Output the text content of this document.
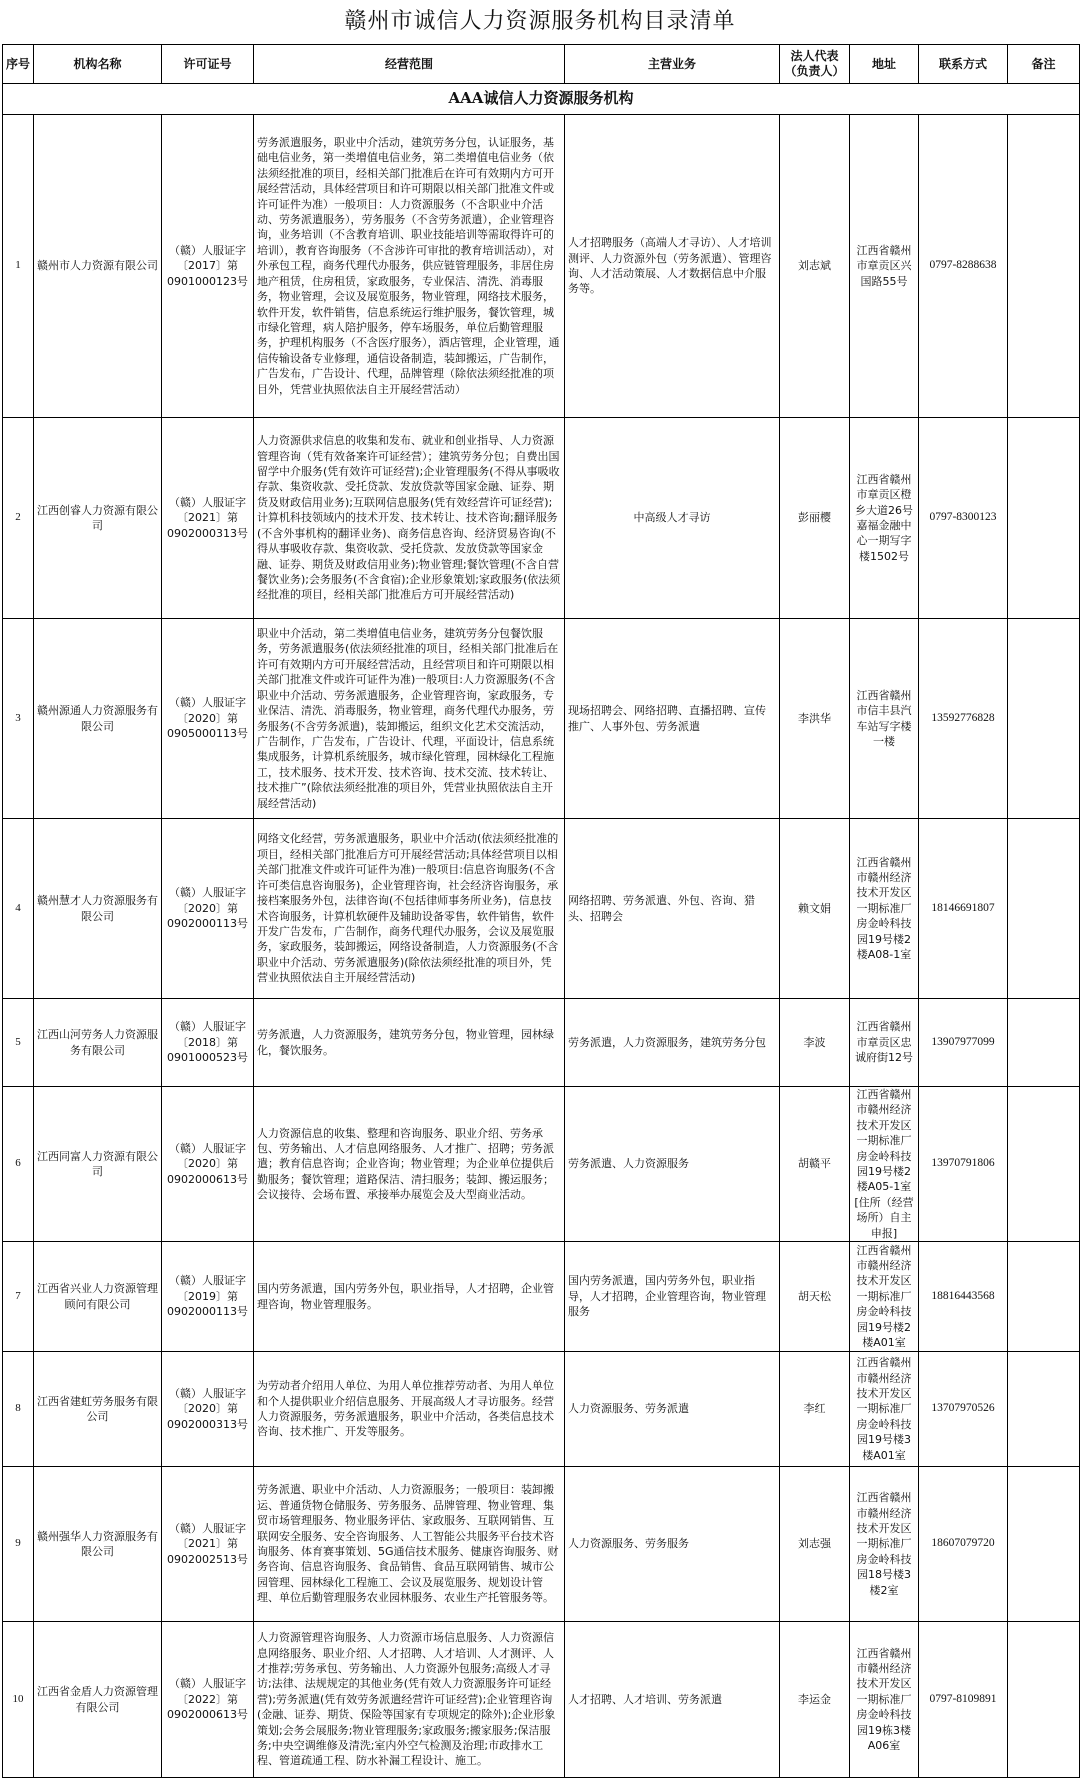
赣州市诚信人力资源服务机构目录清单
序号	机构名称	许可证号	经营范围	主营业务	法人代表（负责人）	地址	联系方式	备注
AAA诚信人力资源服务机构								
1	赣州市人力资源有限公司	（赣）人服证字〔2017〕第0901000123号	劳务派遣服务，职业中介活动，建筑劳务分包，认证服务，基础电信业务，第一类增值电信业务，第二类增值电信业务（依法须经批准的项目，经相关部门批准后在许可有效期内方可开展经营活动，具体经营项目和许可期限以相关部门批准文件或许可证件为准）一般项目：人力资源服务（不含职业中介活动、劳务派遣服务），劳务服务（不含劳务派遣），企业管理咨询，业务培训（不含教育培训、职业技能培训等需取得许可的培训），教育咨询服务（不含涉许可审批的教育培训活动），对外承包工程，商务代理代办服务，供应链管理服务，非居住房地产租赁，住房租赁，家政服务，专业保洁、清洗、消毒服务，物业管理，会议及展览服务，物业管理，网络技术服务，软件开发，软件销售，信息系统运行维护服务，餐饮管理，城市绿化管理，病人陪护服务，停车场服务，单位后勤管理服务，护理机构服务（不含医疗服务），酒店管理，企业管理，通信传输设备专业修理，通信设备制造，装卸搬运，广告制作，广告发布，广告设计、代理，品牌管理（除依法须经批准的项目外，凭营业执照依法自主开展经营活动）	人才招聘服务（高端人才寻访）、人才培训测评、人力资源外包（劳务派遣）、管理咨询、人才活动策展、人才数据信息中介服务等。	刘志斌	江西省赣州市章贡区兴国路55号	0797-8288638	
2	江西创睿人力资源有限公司	（赣）人服证字〔2021〕第0902000313号	人力资源供求信息的收集和发布、就业和创业指导、人力资源管理咨询（凭有效备案许可证经营）；建筑劳务分包；自费出国留学中介服务(凭有效许可证经营);企业管理服务(不得从事吸收存款、集资收款、受托贷款、发放贷款等国家金融、证券、期货及财政信用业务);互联网信息服务(凭有效经营许可证经营);计算机科技领域内的技术开发、技术转让、技术咨询;翻译服务(不含外事机构的翻译业务)、商务信息咨询、经济贸易咨询(不得从事吸收存款、集资收款、受托贷款、发放贷款等国家金融、证券、期货及财政信用业务);物业管理;餐饮管理(不含自营餐饮业务);会务服务(不含食宿);企业形象策划;家政服务(依法须经批准的项目，经相关部门批准后方可开展经营活动)	中高级人才寻访	彭丽樱	江西省赣州市章贡区橙乡大道26号嘉福金融中心一期写字楼1502号	0797-8300123	
3	赣州源通人力资源服务有限公司	（赣）人服证字〔2020〕第0905000113号	职业中介活动，第二类增值电信业务，建筑劳务分包餐饮服务，劳务派遣服务(依法须经批准的项目，经相关部门批准后在许可有效期内方可开展经营活动，且经营项目和许可期限以相关部门批准文件或许可证件为准)一般项目:人力资源服务(不含职业中介活动、劳务派遣服务，企业管理咨询，家政服务，专业保洁、清洗、消毒服务，物业管理，商务代理代办服务，劳务服务(不含劳务派遣)，装卸搬运，组织文化艺术交流活动，广告制作，广告发布，广告设计、代理，平面设计，信息系统集成服务，计算机系统服务，城市绿化管理，园林绿化工程施工，技术服务、技术开发、技术咨询、技术交流、技术转让、技术推广”(除依法须经批准的项目外，凭营业执照依法自主开展经营活动)	现场招聘会、网络招聘、直播招聘、宣传推广、人事外包、劳务派遣	李洪华	江西省赣州市信丰县汽车站写字楼一楼	13592776828	
4	赣州慧才人力资源服务有限公司	（赣）人服证字〔2020〕第0902000113号	网络文化经营，劳务派遣服务，职业中介活动(依法须经批准的项目，经相关部门批准后方可开展经营活动;具体经营项目以相关部门批准文件或许可证件为准)一般项目:信息咨询服务(不含许可类信息咨询服务)，企业管理咨询，社会经济咨询服务，承接档案服务外包，法律咨询(不包括律师事务所业务)，信息技术咨询服务，计算机软硬件及辅助设备零售，软件销售，软件开发广告发布，广告制作，商务代理代办服务，会议及展览服务，家政服务，装卸搬运，网络设备制造，人力资源服务(不含职业中介活动、劳务派遣服务)(除依法须经批准的项目外，凭营业执照依法自主开展经营活动)	网络招聘、劳务派遣、外包、咨询、猎头、招聘会	赖文娟	江西省赣州市赣州经济技术开发区一期标准厂房金岭科技园19号楼2楼A08-1室	18146691807	
5	江西山河劳务人力资源服务有限公司	（赣）人服证字〔2018〕第0901000523号	劳务派遣，人力资源服务，建筑劳务分包，物业管理，园林绿化，餐饮服务。	劳务派遣，人力资源服务，建筑劳务分包	李波	江西省赣州市章贡区忠诚府街12号	13907977099	
6	江西同富人力资源有限公司	（赣）人服证字〔2020〕第0902000613号	人力资源信息的收集、整理和咨询服务、职业介绍、劳务承包、劳务输出、人才信息网络服务、人才推广、招聘；劳务派遣；教育信息咨询；企业咨询；物业管理；为企业单位提供后勤服务；餐饮管理；道路保洁、清扫服务；装卸、搬运服务；会议接待、会场布置、承接举办展览会及大型商业活动。	劳务派遣、人力资源服务	胡赣平	江西省赣州市赣州经济技术开发区一期标准厂房金岭科技园19号楼2楼A05-1室 [住所（经营场所）自主申报]	13970791806	
7	江西省兴业人力资源管理顾问有限公司	（赣）人服证字〔2019〕第0902000113号	国内劳务派遣，国内劳务外包，职业指导，人才招聘，企业管理咨询，物业管理服务。	国内劳务派遣，国内劳务外包，职业指导，人才招聘，企业管理咨询，物业管理服务	胡天松	江西省赣州市赣州经济技术开发区一期标准厂房金岭科技园19号楼2楼A01室	18816443568	
8	江西省建虹劳务服务有限公司	（赣）人服证字〔2020〕第0902000313号	为劳动者介绍用人单位、为用人单位推荐劳动者、为用人单位和个人提供职业介绍信息服务、开展高级人才寻访服务。经营人力资源服务，劳务派遣服务，职业中介活动，各类信息技术咨询、技术推广、开发等服务。	人力资源服务、劳务派遣	李红	江西省赣州市赣州经济技术开发区一期标准厂房金岭科技园19号楼3楼A01室	13707970526	
9	赣州强华人力资源服务有限公司	（赣）人服证字〔2021〕第0902002513号	劳务派遣、职业中介活动、人力资源服务；一般项目：装卸搬运、普通货物仓储服务、劳务服务、品牌管理、物业管理、集贸市场管理服务、物业服务评估、家政服务、互联网销售、互联网安全服务、安全咨询服务、人工智能公共服务平台技术咨询服务、体育赛事策划、5G通信技术服务、健康咨询服务、财务咨询、信息咨询服务、食品销售、食品互联网销售、城市公园管理、园林绿化工程施工、会议及展览服务、规划设计管理、单位后勤管理服务农业园林服务、农业生产托管服务等。	人力资源服务、劳务服务	刘志强	江西省赣州市赣州经济技术开发区一期标准厂房金岭科技园18号楼3楼2室	18607079720	
10	江西省金盾人力资源管理有限公司	（赣）人服证字〔2022〕第0902000613号	人力资源管理咨询服务、人力资源市场信息服务、人力资源信息网络服务、职业介绍、人才招聘、人才培训、人才测评、人才推荐;劳务承包、劳务输出、人力资源外包服务;高级人才寻访;法律、法规规定的其他业务(凭有效人力资源服务许可证经营);劳务派遣(凭有效劳务派遣经营许可证经营);企业管理咨询(金融、证券、期货、保险等国家有专项规定的除外);企业形象策划;会务会展服务;物业管理服务;家政服务;搬家服务;保洁服务;中央空调维修及清洗;室内外空气检测及治理;市政排水工程、管道疏通工程、防水补漏工程设计、施工。	人才招聘、人才培训、劳务派遣	李运金	江西省赣州市赣州经济技术开发区一期标准厂房金岭科技园19栋3楼A06室	0797-8109891	
